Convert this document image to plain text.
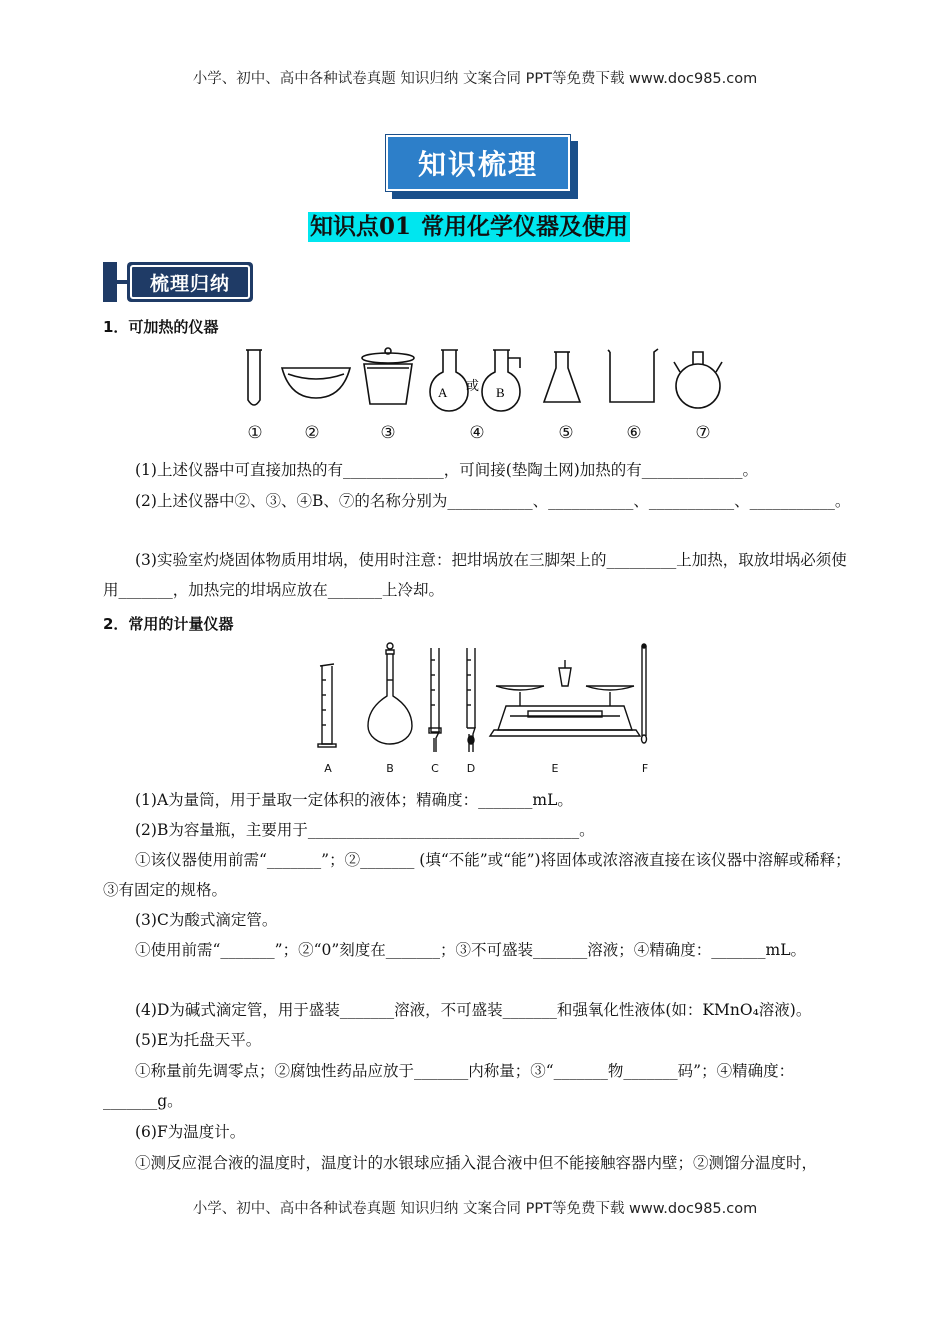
小学、初中、高中各种试卷真题 知识归纳 文案合同 PPT等免费下载 www.doc985.com
知识梳理
知识点01 常用化学仪器及使用
梳理归纳
1．可加热的仪器
A 或 B
①	②	③	④	⑤	⑥	⑦
(1)上述仪器中可直接加热的有_____________，可间接(垫陶土网)加热的有_____________。
(2)上述仪器中②、③、④B、⑦的名称分别为___________、___________、___________、___________。
(3)实验室灼烧固体物质用坩埚，使用时注意：把坩埚放在三脚架上的_________上加热，取放坩埚必须使用_______，加热完的坩埚应放在_______上冷却。
2．常用的计量仪器
A	B	C	D	E	F
(1)A为量筒，用于量取一定体积的液体；精确度：_______mL。
(2)B为容量瓶，主要用于___________________________________。
①该仪器使用前需“_______”；②_______ (填“不能”或“能”)将固体或浓溶液直接在该仪器中溶解或稀释；③有固定的规格。
(3)C为酸式滴定管。
①使用前需“_______”；②“0”刻度在_______；③不可盛装_______溶液；④精确度：_______mL。
(4)D为碱式滴定管，用于盛装_______溶液，不可盛装_______和强氧化性液体(如：KMnO₄溶液)。
(5)E为托盘天平。
①称量前先调零点；②腐蚀性药品应放于_______内称量；③“_______物_______码”；④精确度：_______g。
(6)F为温度计。
①测反应混合液的温度时，温度计的水银球应插入混合液中但不能接触容器内壁；②测馏分温度时，
小学、初中、高中各种试卷真题 知识归纳 文案合同 PPT等免费下载 www.doc985.com
